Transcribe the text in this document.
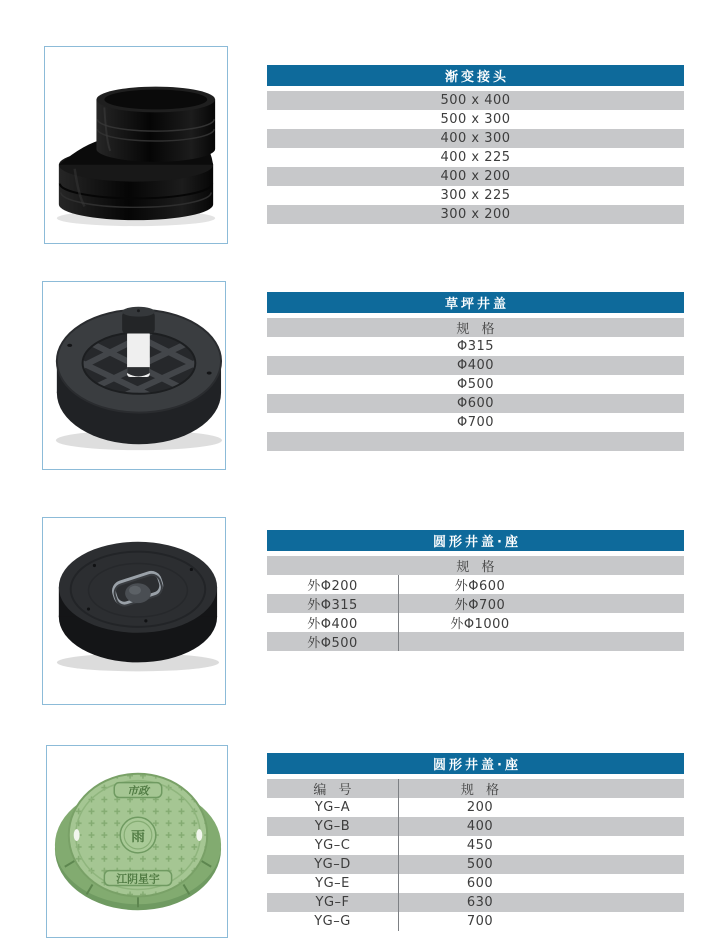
渐变接头
500 x 400
500 x 300
400 x 300
400 x 225
400 x 200
300 x 225
300 x 200
草坪井盖
规 格
Φ315
Φ400
Φ500
Φ600
Φ700
圆形井盖·座
规 格
外Φ200	外Φ600
外Φ315	外Φ700
外Φ400	外Φ1000
外Φ500
市政
雨
江阴星宇
圆形井盖·座
编 号	规 格
YG–A	200
YG–B	400
YG–C	450
YG–D	500
YG–E	600
YG–F	630
YG–G	700
